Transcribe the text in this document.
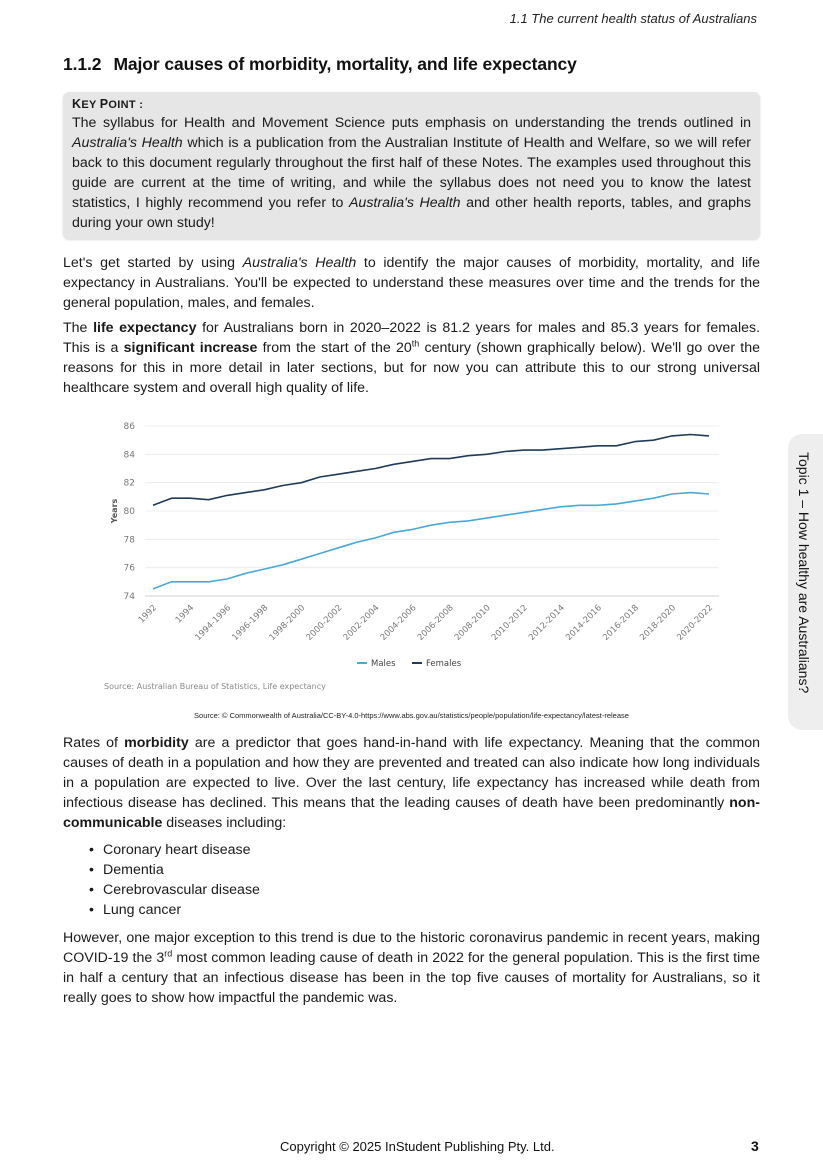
1.1 The current health status of Australians
1.1.2 Major causes of morbidity, mortality, and life expectancy
KEY POINT :
The syllabus for Health and Movement Science puts emphasis on understanding the trends outlined in Australia's Health which is a publication from the Australian Institute of Health and Welfare, so we will refer back to this document regularly throughout the first half of these Notes. The examples used throughout this guide are current at the time of writing, and while the syllabus does not need you to know the latest statistics, I highly recommend you refer to Australia's Health and other health reports, tables, and graphs during your own study!
Let's get started by using Australia's Health to identify the major causes of morbidity, mortality, and life expectancy in Australians. You'll be expected to understand these measures over time and the trends for the general population, males, and females.
The life expectancy for Australians born in 2020–2022 is 81.2 years for males and 85.3 years for females. This is a significant increase from the start of the 20th century (shown graphically below). We'll go over the reasons for this in more detail in later sections, but for now you can attribute this to our strong universal healthcare system and overall high quality of life.
74
76
78
80
82
84
86
Years
1992 1994
1994-1996
1996-1998
1998-2000
2000-2002
2002-2004
2004-2006
2006-2008
2008-2010
2010-2012
2012-2014
2014-2016
2016-2018
2018-2020
2020-2022
Males	Females
Source: Australian Bureau of Statistics, Life expectancy
Source: © Commonwealth of Australia/CC-BY-4.0-https://www.abs.gov.au/statistics/people/population/life-expectancy/latest-release
Rates of morbidity are a predictor that goes hand-in-hand with life expectancy. Meaning that the common causes of death in a population and how they are prevented and treated can also indicate how long individuals in a population are expected to live. Over the last century, life expectancy has increased while death from infectious disease has declined. This means that the leading causes of death have been predominantly non-communicable diseases including:
• Coronary heart disease
• Dementia
• Cerebrovascular disease
• Lung cancer
However, one major exception to this trend is due to the historic coronavirus pandemic in recent years, making COVID-19 the 3rd most common leading cause of death in 2022 for the general population. This is the first time in half a century that an infectious disease has been in the top five causes of mortality for Australians, so it really goes to show how impactful the pandemic was.
Topic 1 – How healthy are Australians?
Copyright © 2025 InStudent Publishing Pty. Ltd.	3
